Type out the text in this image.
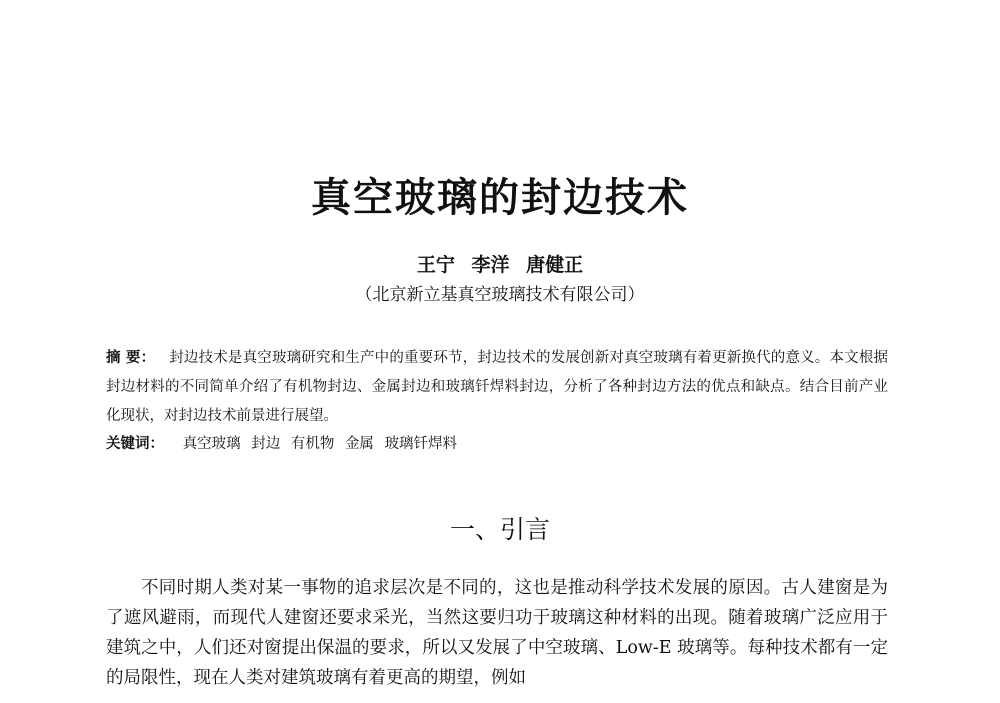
真空玻璃的封边技术
王宁 李洋 唐健正
（北京新立基真空玻璃技术有限公司）
摘 要： 封边技术是真空玻璃研究和生产中的重要环节，封边技术的发展创新对真空玻璃有着更新换代的意义。本文根据封边材料的不同简单介绍了有机物封边、金属封边和玻璃钎焊料封边，分析了各种封边方法的优点和缺点。结合目前产业化现状，对封边技术前景进行展望。
关键词： 真空玻璃 封边 有机物 金属 玻璃钎焊料
一、引言
不同时期人类对某一事物的追求层次是不同的，这也是推动科学技术发展的原因。古人建窗是为了遮风避雨，而现代人建窗还要求采光，当然这要归功于玻璃这种材料的出现。随着玻璃广泛应用于建筑之中，人们还对窗提出保温的要求，所以又发展了中空玻璃、Low-E 玻璃等。每种技术都有一定的局限性，现在人类对建筑玻璃有着更高的期望，例如
